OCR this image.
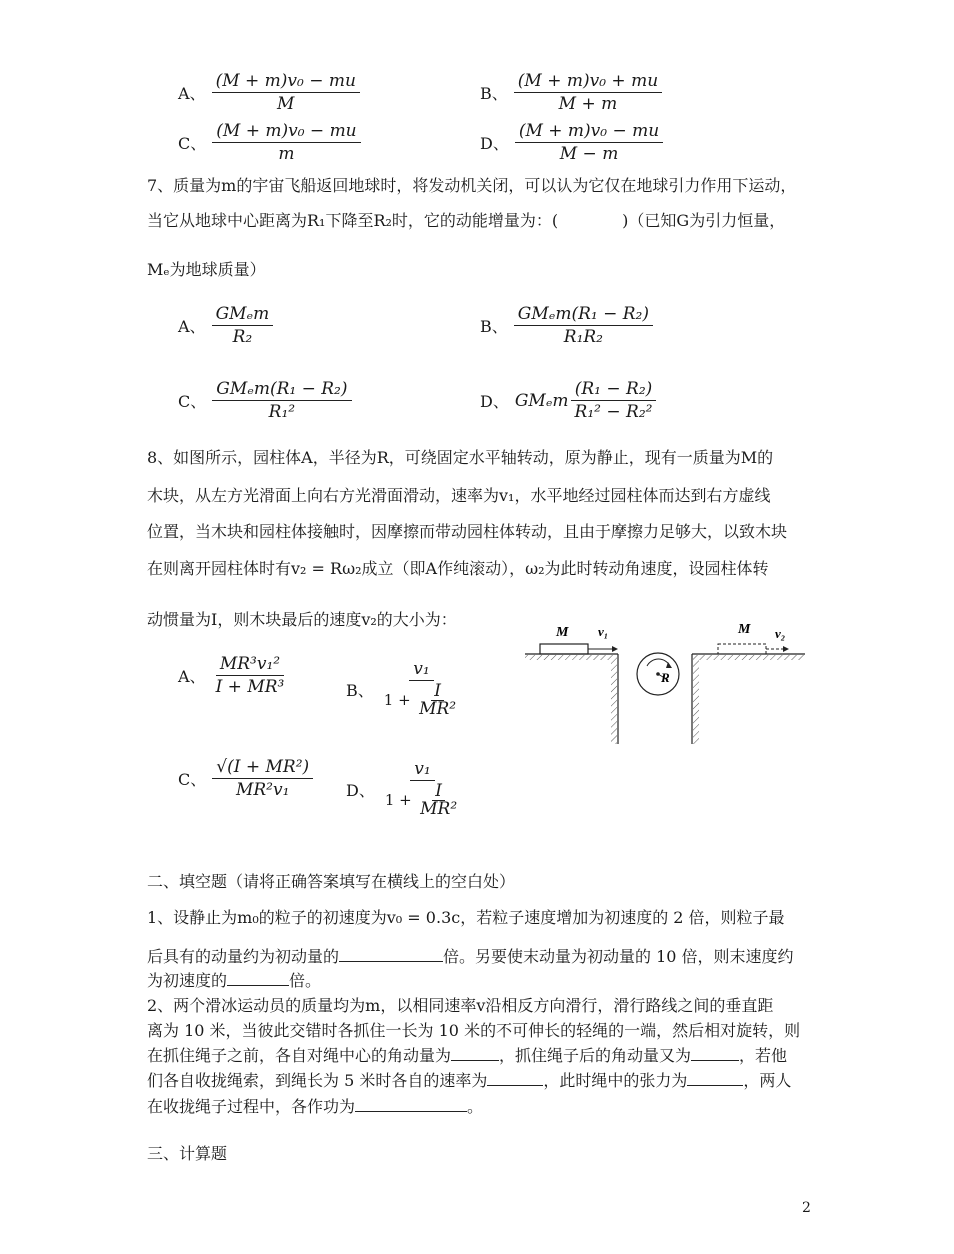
A、 $\frac{\text{(M + m)v₀ − mu}}{M}$	B、 $\frac{\text{(M + m)v₀ + mu}}{M + m}$
C、 $\frac{\text{(M + m)v₀ − mu}}{m}$	D、 $\frac{\text{(M + m)v₀ − mu}}{M - m}$
7、质量为m的宇宙飞船返回地球时，将发动机关闭，可以认为它仅在地球引力作用下运动，
当它从地球中心距离为R₁下降至R₂时，它的动能增量为：(　　　　)（已知G为引力恒量，
Mₑ为地球质量）
A、 $\frac{\text{GMₑm}}{\text{R₂}}$	B、 $\frac{\text{GMₑm(R₁ − R₂)}}{\text{R₁R₂}}$
C、 $\frac{\text{GMₑm(R₁ − R₂)}}{\text{R₁²}}$	D、 GMₑm $\frac{\text{(R₁ − R₂)}}{\text{R₁² − R₂²}}$
8、如图所示，园柱体A，半径为R，可绕固定水平轴转动，原为静止，现有一质量为M的
木块，从左方光滑面上向右方光滑面滑动，速率为v₁，水平地经过园柱体而达到右方虚线
位置，当木块和园柱体接触时，因摩擦而带动园柱体转动，且由于摩擦力足够大，以致木块
在则离开园柱体时有v₂ = Rω₂成立（即A作纯滚动），ω₂为此时转动角速度，设园柱体转
动惯量为I，则木块最后的速度v₂的大小为：
A、 $\frac{\text{MR³v₁²}}{\text{I + MR³}}$	B、 $\frac{\text{v₁}}{1 + \frac{I}{\text{MR²}}}$
C、 $\frac{\text{√(I + MR²)}}{\text{MR²v₁}}$ D、 $\frac{\text{v₁}}{1 + \frac{I}{\text{MR²}}}$
M v₁
R
M v₂
二、填空题（请将正确答案填写在横线上的空白处）
1、设静止为m₀的粒子的初速度为v₀ = 0.3c，若粒子速度增加为初速度的 2 倍，则粒子最
后具有的动量约为初动量的	倍。另要使末动量为初动量的 10 倍，则末速度约
为初速度的	倍。
2、两个滑冰运动员的质量均为m，以相同速率v沿相反方向滑行，滑行路线之间的垂直距
离为 10 米，当彼此交错时各抓住一长为 10 米的不可伸长的轻绳的一端，然后相对旋转，则
在抓住绳子之前，各自对绳中心的角动量为	，抓住绳子后的角动量又为	，若他
们各自收拢绳索，到绳长为 5 米时各自的速率为	，此时绳中的张力为	，两人
在收拢绳子过程中，各作功为	。
三、计算题
2
